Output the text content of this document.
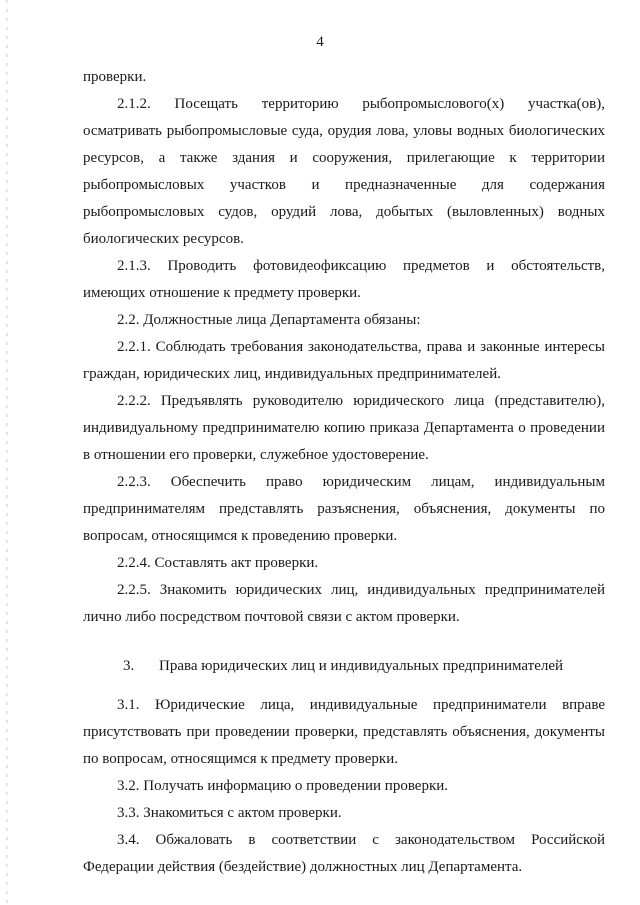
4

проверки.

2.1.2. Посещать территорию рыбопромыслового(х) участка(ов), осматривать рыбопромысловые суда, орудия лова, уловы водных биологических ресурсов, а также здания и сооружения, прилегающие к территории рыбопромысловых участков и предназначенные для содержания рыбопромысловых судов, орудий лова, добытых (выловленных) водных биологических ресурсов.

2.1.3. Проводить фотовидеофиксацию предметов и обстоятельств, имеющих отношение к предмету проверки.

2.2. Должностные лица Департамента обязаны:

2.2.1. Соблюдать требования законодательства, права и законные интересы граждан, юридических лиц, индивидуальных предпринимателей.

2.2.2. Предъявлять руководителю юридического лица (представителю), индивидуальному предпринимателю копию приказа Департамента о проведении в отношении его проверки, служебное удостоверение.

2.2.3. Обеспечить право юридическим лицам, индивидуальным предпринимателям представлять разъяснения, объяснения, документы по вопросам, относящимся к проведению проверки.

2.2.4. Составлять акт проверки.

2.2.5. Знакомить юридических лиц, индивидуальных предпринимателей лично либо посредством почтовой связи с актом проверки.

3.	Права юридических лиц и индивидуальных предпринимателей

3.1. Юридические лица, индивидуальные предприниматели вправе присутствовать при проведении проверки, представлять объяснения, документы по вопросам, относящимся к предмету проверки.

3.2. Получать информацию о проведении проверки.

3.3. Знакомиться с актом проверки.

3.4. Обжаловать в соответствии с законодательством Российской Федерации действия (бездействие) должностных лиц Департамента.
